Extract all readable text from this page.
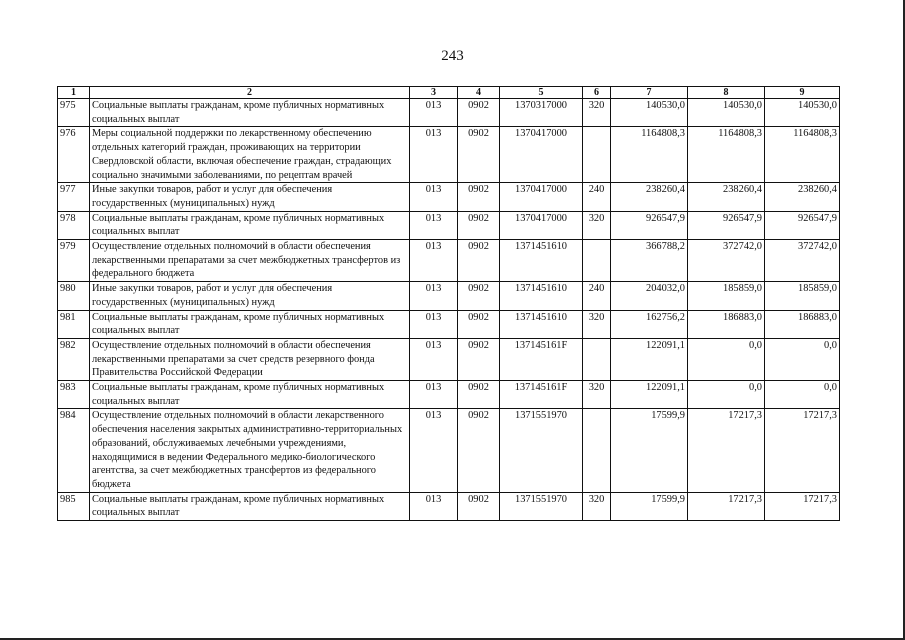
243
1	2	3	4	5	6	7	8	9
975	Социальные выплаты гражданам, кроме публичных нормативных социальных выплат	013	0902	1370317000	320	140530,0	140530,0	140530,0
976	Меры социальной поддержки по лекарственному обеспечению отдельных категорий граждан, проживающих на территории Свердловской области, включая обеспечение граждан, страдающих социально значимыми заболеваниями, по рецептам врачей	013	0902	1370417000		1164808,3	1164808,3	1164808,3
977	Иные закупки товаров, работ и услуг для обеспечения государственных (муниципальных) нужд	013	0902	1370417000	240	238260,4	238260,4	238260,4
978	Социальные выплаты гражданам, кроме публичных нормативных социальных выплат	013	0902	1370417000	320	926547,9	926547,9	926547,9
979	Осуществление отдельных полномочий в области обеспечения лекарственными препаратами за счет межбюджетных трансфертов из федерального бюджета	013	0902	1371451610		366788,2	372742,0	372742,0
980	Иные закупки товаров, работ и услуг для обеспечения государственных (муниципальных) нужд	013	0902	1371451610	240	204032,0	185859,0	185859,0
981	Социальные выплаты гражданам, кроме публичных нормативных социальных выплат	013	0902	1371451610	320	162756,2	186883,0	186883,0
982	Осуществление отдельных полномочий в области обеспечения лекарственными препаратами за счет средств резервного фонда Правительства Российской Федерации	013	0902	137145161F		122091,1	0,0	0,0
983	Социальные выплаты гражданам, кроме публичных нормативных социальных выплат	013	0902	137145161F	320	122091,1	0,0	0,0
984	Осуществление отдельных полномочий в области лекарственного обеспечения населения закрытых административно-территориальных образований, обслуживаемых лечебными учреждениями, находящимися в ведении Федерального медико-биологического агентства, за счет межбюджетных трансфертов из федерального бюджета	013	0902	1371551970		17599,9	17217,3	17217,3
985	Социальные выплаты гражданам, кроме публичных нормативных социальных выплат	013	0902	1371551970	320	17599,9	17217,3	17217,3
